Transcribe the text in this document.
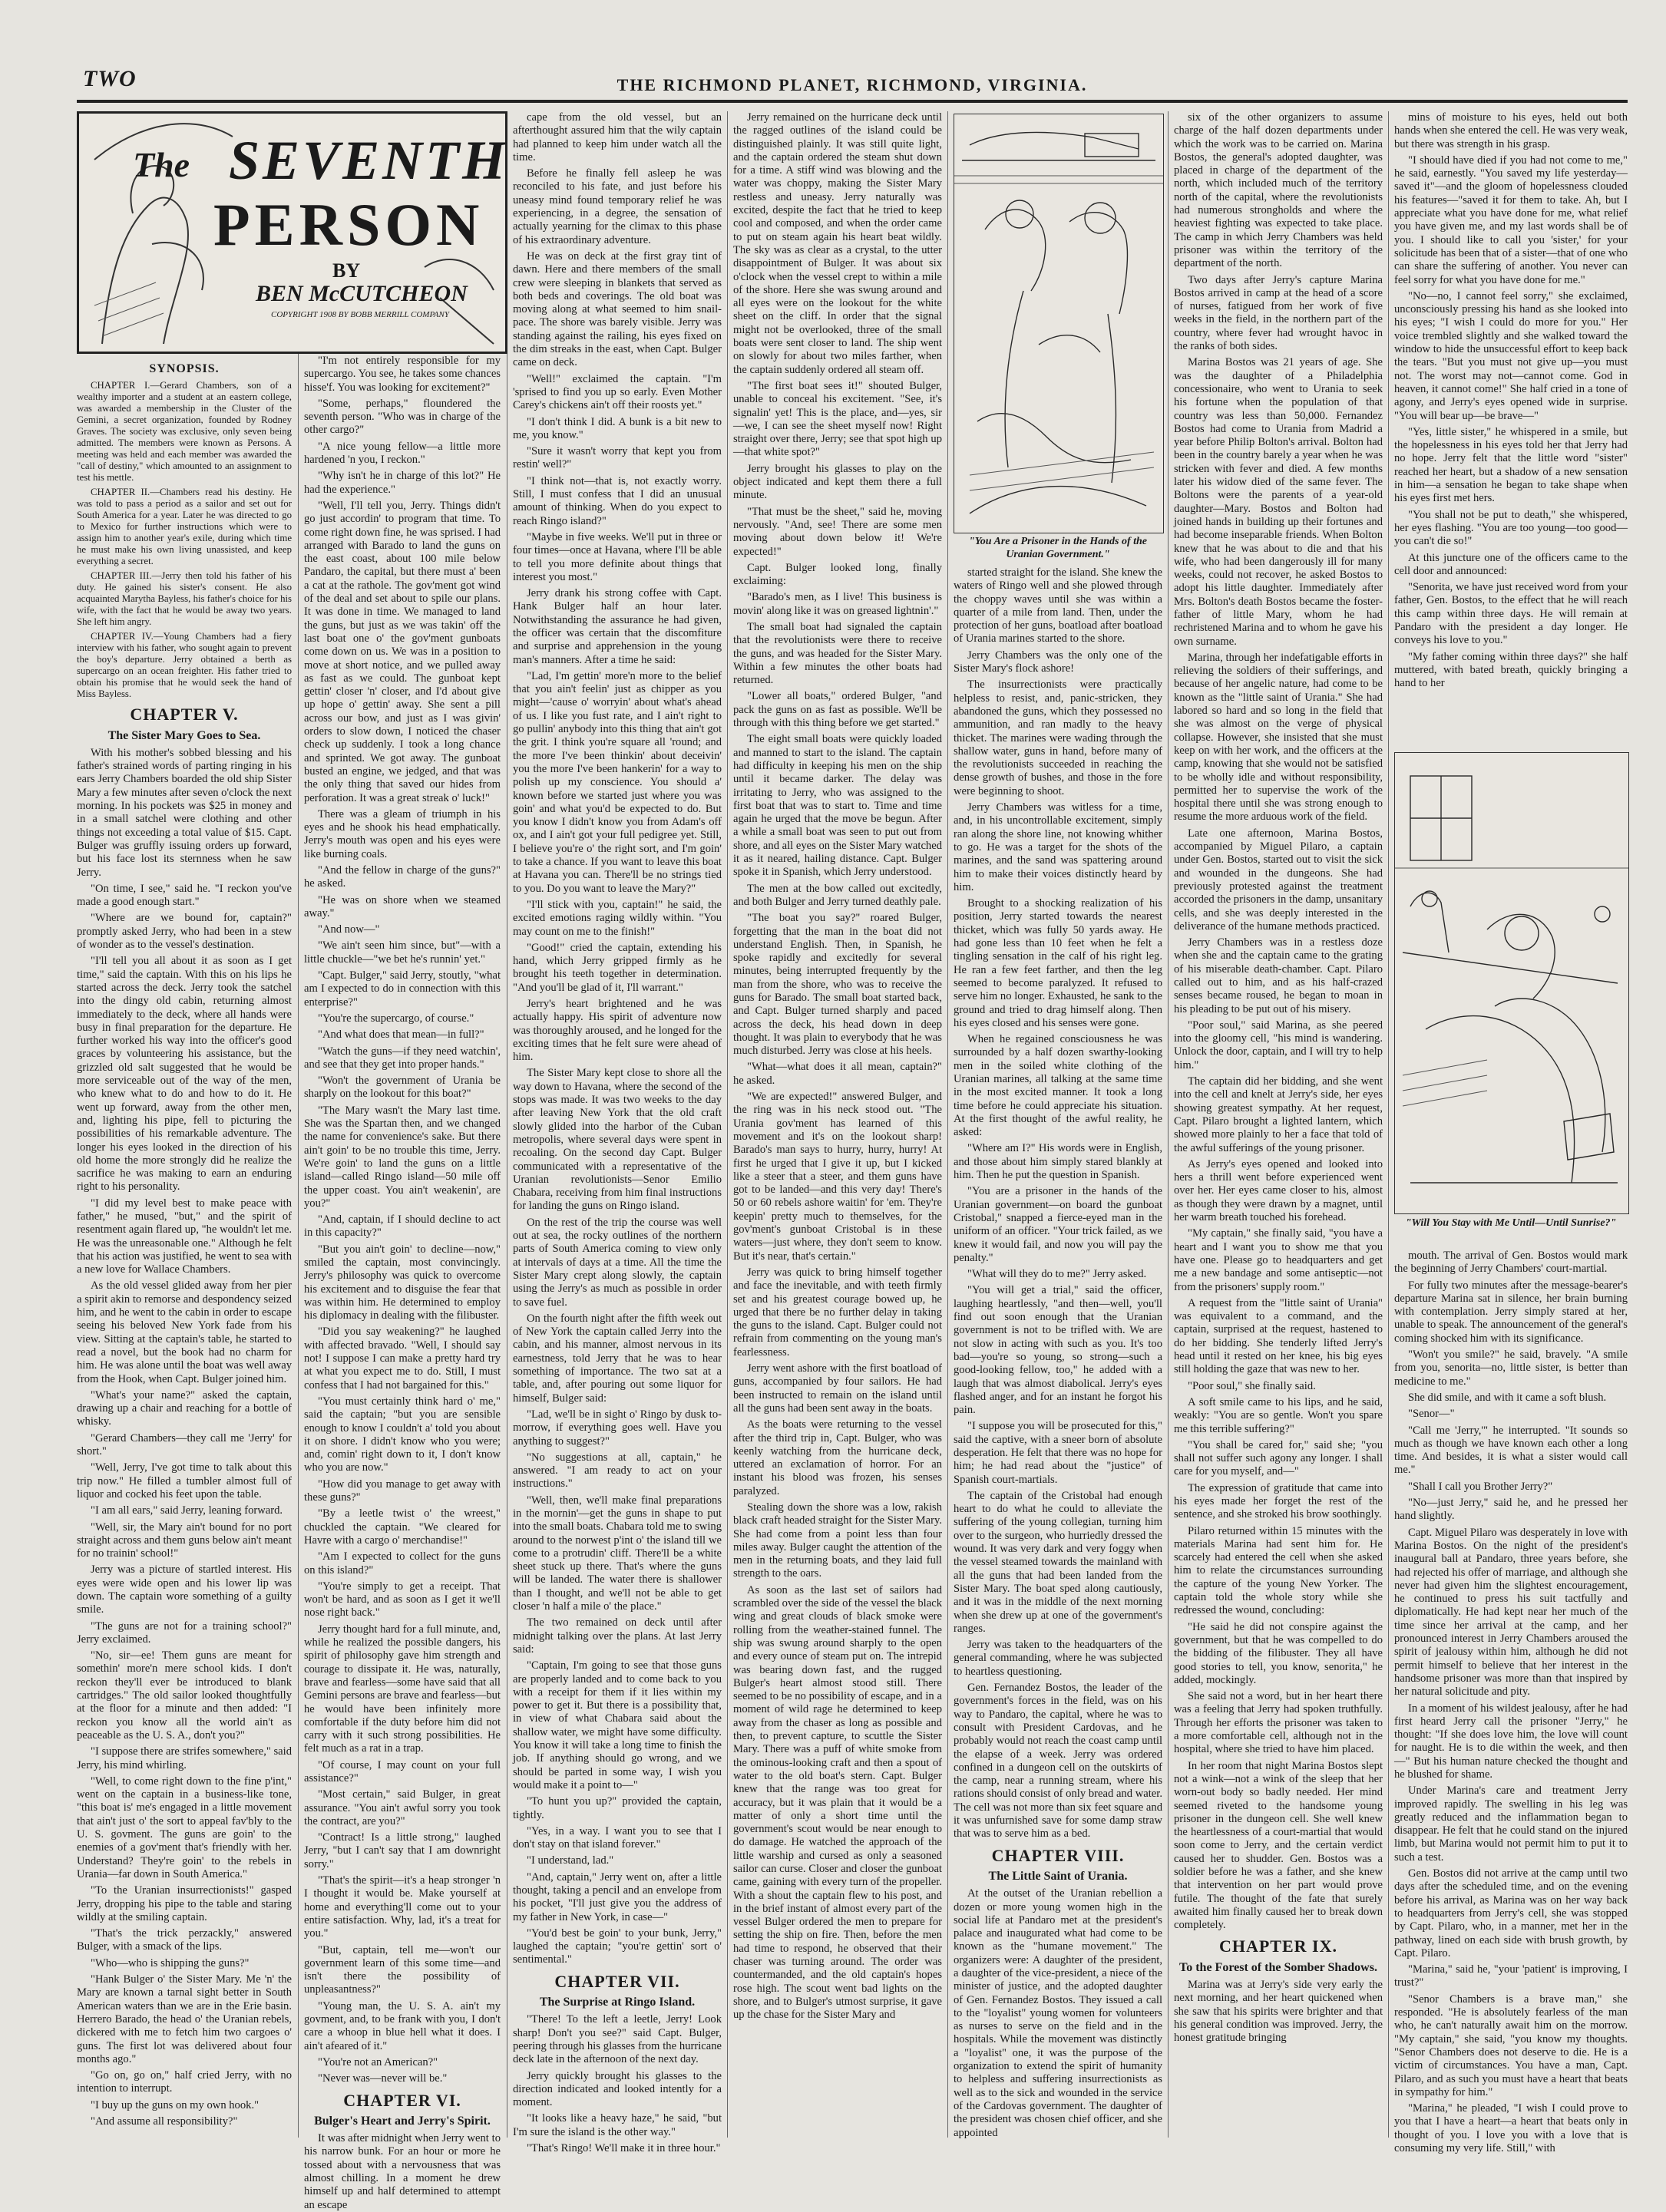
TWO	THE RICHMOND PLANET, RICHMOND, VIRGINIA.
The SEVENTH
PERSON
BY
BEN McCUTCHEON
COPYRIGHT 1908 BY BOBB MERRILL COMPANY
SYNOPSIS.

CHAPTER I.—Gerard Chambers, son of a wealthy importer and a student at an eastern college, was awarded a membership in the Cluster of the Gemini, a secret organization, founded by Rodney Graves. The society was exclusive, only seven being admitted. The members were known as Persons. A meeting was held and each member was awarded the "call of destiny," which amounted to an assignment to test his mettle.

CHAPTER II.—Chambers read his destiny. He was told to pass a period as a sailor and set out for South America for a year. Later he was directed to go to Mexico for further instructions which were to assign him to another year's exile, during which time he must make his own living unassisted, and keep everything a secret.

CHAPTER III.—Jerry then told his father of his duty. He gained his sister's consent. He also acquainted Marytha Bayless, his father's choice for his wife, with the fact that he would be away two years. She left him angry.

CHAPTER IV.—Young Chambers had a fiery interview with his father, who sought again to prevent the boy's departure. Jerry obtained a berth as supercargo on an ocean freighter. His father tried to obtain his promise that he would seek the hand of Miss Bayless.

CHAPTER V.
The Sister Mary Goes to Sea.

With his mother's sobbed blessing and his father's strained words of parting ringing in his ears Jerry Chambers boarded the old ship Sister Mary a few minutes after seven o'clock the next morning. In his pockets was $25 in money and in a small satchel were clothing and other things not exceeding a total value of $15. Capt. Bulger was gruffly issuing orders up forward, but his face lost its sternness when he saw Jerry.

"On time, I see," said he. "I reckon you've made a good enough start."

"Where are we bound for, captain?" promptly asked Jerry, who had been in a stew of wonder as to the vessel's destination.

"I'll tell you all about it as soon as I get time," said the captain. With this on his lips he started across the deck. Jerry took the satchel into the dingy old cabin, returning almost immediately to the deck, where all hands were busy in final preparation for the departure. He further worked his way into the officer's good graces by volunteering his assistance, but the grizzled old salt suggested that he would be more serviceable out of the way of the men, who knew what to do and how to do it. He went up forward, away from the other men, and, lighting his pipe, fell to picturing the possibilities of his remarkable adventure. The longer his eyes looked in the direction of his old home the more strongly did he realize the sacrifice he was making to earn an enduring right to his personality.

"I did my level best to make peace with father," he mused, "but," and the spirit of resentment again flared up, "he wouldn't let me. He was the unreasonable one." Although he felt that his action was justified, he went to sea with a new love for Wallace Chambers.

As the old vessel glided away from her pier a spirit akin to remorse and despondency seized him, and he went to the cabin in order to escape seeing his beloved New York fade from his view. Sitting at the captain's table, he started to read a novel, but the book had no charm for him. He was alone until the boat was well away from the Hook, when Capt. Bulger joined him.

"What's your name?" asked the captain, drawing up a chair and reaching for a bottle of whisky.

"Gerard Chambers—they call me 'Jerry' for short."

"Well, Jerry, I've got time to talk about this trip now." He filled a tumbler almost full of liquor and cocked his feet upon the table.

"I am all ears," said Jerry, leaning forward.

"Well, sir, the Mary ain't bound for no port straight across and them guns below ain't meant for no trainin' school!"

Jerry was a picture of startled interest. His eyes were wide open and his lower lip was down. The captain wore something of a guilty smile.

"The guns are not for a training school?" Jerry exclaimed.

"No, sir—ee! Them guns are meant for somethin' more'n mere school kids. I don't reckon they'll ever be introduced to blank cartridges." The old sailor looked thoughtfully at the floor for a minute and then added: "I reckon you know all the world ain't as peaceable as the U. S. A., don't you?"

"I suppose there are strifes somewhere," said Jerry, his mind whirling.

"Well, to come right down to the fine p'int," went on the captain in a business-like tone, "this boat is' me's engaged in a little movement that ain't just o' the sort to appeal fav'bly to the U. S. govment. The guns are goin' to the enemies of a gov'ment that's friendly with her. Understand? They're goin' to the rebels in Urania—far down in South America."

"To the Uranian insurrectionists!" gasped Jerry, dropping his pipe to the table and staring wildly at the smiling captain.

"That's the trick perzackly," answered Bulger, with a smack of the lips.

"Who—who is shipping the guns?"

"Hank Bulger o' the Sister Mary. Me 'n' the Mary are known a tarnal sight better in South American waters than we are in the Erie basin. Herrero Barado, the head o' the Uranian rebels, dickered with me to fetch him two cargoes o' guns. The first lot was delivered about four months ago."

"Go on, go on," half cried Jerry, with no intention to interrupt.

"I buy up the guns on my own hook."

"And assume all responsibility?"

"I'm not entirely responsible for my supercargo. You see, he takes some chances hisse'f. You was looking for excitement?"

"Some, perhaps," floundered the seventh person. "Who was in charge of the other cargo?"

"A nice young fellow—a little more hardened 'n you, I reckon."

"Why isn't he in charge of this lot?" He had the experience."

"Well, I'll tell you, Jerry. Things didn't go just accordin' to program that time. To come right down fine, he was sprised. I had arranged with Barado to land the guns on the east coast, about 100 mile below Pandaro, the capital, but there must a' been a cat at the rathole. The gov'ment got wind of the deal and set about to spile our plans. It was done in time. We managed to land the guns, but just as we was takin' off the last boat one o' the gov'ment gunboats come down on us. We was in a position to move at short notice, and we pulled away as fast as we could. The gunboat kept gettin' closer 'n' closer, and I'd about give up hope o' gettin' away. She sent a pill across our bow, and just as I was givin' orders to slow down, I noticed the chaser check up suddenly. I took a long chance and sprinted. We got away. The gunboat busted an engine, we jedged, and that was the only thing that saved our hides from perforation. It was a great streak o' luck!"

There was a gleam of triumph in his eyes and he shook his head emphatically. Jerry's mouth was open and his eyes were like burning coals.

"And the fellow in charge of the guns?" he asked.

"He was on shore when we steamed away."

"And now—"

"We ain't seen him since, but"—with a little chuckle—"we bet he's runnin' yet."

"Capt. Bulger," said Jerry, stoutly, "what am I expected to do in connection with this enterprise?"

"You're the supercargo, of course."

"And what does that mean—in full?"

"Watch the guns—if they need watchin', and see that they get into proper hands."

"Won't the government of Urania be sharply on the lookout for this boat?"

"The Mary wasn't the Mary last time. She was the Spartan then, and we changed the name for convenience's sake. But there ain't goin' to be no trouble this time, Jerry. We're goin' to land the guns on a little island—called Ringo island—50 mile off the upper coast. You ain't weakenin', are you?"

"And, captain, if I should decline to act in this capacity?"

"But you ain't goin' to decline—now," smiled the captain, most convincingly. Jerry's philosophy was quick to overcome his excitement and to disguise the fear that was within him. He determined to employ his diplomacy in dealing with the filibuster.

"Did you say weakening?" he laughed with affected bravado. "Well, I should say not! I suppose I can make a pretty hard try at what you expect me to do. Still, I must confess that I had not bargained for this."

"You must certainly think hard o' me," said the captain; "but you are sensible enough to know I couldn't a' told you about it on shore. I didn't know who you were; and, comin' right down to it, I don't know who you are now."

"How did you manage to get away with these guns?"

"By a leetle twist o' the wreest," chuckled the captain. "We cleared for Havre with a cargo o' merchandise!"

"Am I expected to collect for the guns on this island?"

"You're simply to get a receipt. That won't be hard, and as soon as I get it we'll nose right back."

Jerry thought hard for a full minute, and, while he realized the possible dangers, his spirit of philosophy gave him strength and courage to dissipate it. He was, naturally, brave and fearless—some have said that all Gemini persons are brave and fearless—but he would have been infinitely more comfortable if the duty before him did not carry with it such strong possibilities. He felt much as a rat in a trap.

"Of course, I may count on your full assistance?"

"Most certain," said Bulger, in great assurance. "You ain't awful sorry you took the contract, are you?"

"Contract! Is a little strong," laughed Jerry, "but I can't say that I am downright sorry."

"That's the spirit—it's a heap stronger 'n I thought it would be. Make yourself at home and everything'll come out to your entire satisfaction. Why, lad, it's a treat for you."

"But, captain, tell me—won't our government learn of this some time—and isn't there the possibility of unpleasantness?"

"Young man, the U. S. A. ain't my govment, and, to be frank with you, I don't care a whoop in blue hell what it does. I ain't afeared of it."

"You're not an American?"

"Never was—never will be."

CHAPTER VI.
Bulger's Heart and Jerry's Spirit.

It was after midnight when Jerry went to his narrow bunk. For an hour or more he tossed about with a nervousness that was almost chilling. In a moment he drew himself up and half determined to attempt an escape

cape from the old vessel, but an afterthought assured him that the wily captain had planned to keep him under watch all the time.

Before he finally fell asleep he was reconciled to his fate, and just before his uneasy mind found temporary relief he was experiencing, in a degree, the sensation of actually yearning for the climax to this phase of his extraordinary adventure.

He was on deck at the first gray tint of dawn. Here and there members of the small crew were sleeping in blankets that served as both beds and coverings. The old boat was moving along at what seemed to him snail-pace. The shore was barely visible. Jerry was standing against the railing, his eyes fixed on the dim streaks in the east, when Capt. Bulger came on deck.

"Well!" exclaimed the captain. "I'm 'sprised to find you up so early. Even Mother Carey's chickens ain't off their roosts yet."

"I don't think I did. A bunk is a bit new to me, you know."

"Sure it wasn't worry that kept you from restin' well?"

"I think not—that is, not exactly worry. Still, I must confess that I did an unusual amount of thinking. When do you expect to reach Ringo island?"

"Maybe in five weeks. We'll put in three or four times—once at Havana, where I'll be able to tell you more definite about things that interest you most."

Jerry drank his strong coffee with Capt. Hank Bulger half an hour later. Notwithstanding the assurance he had given, the officer was certain that the discomfiture and surprise and apprehension in the young man's manners. After a time he said:

"Lad, I'm gettin' more'n more to the belief that you ain't feelin' just as chipper as you might—'cause o' worryin' about what's ahead of us. I like you fust rate, and I ain't right to go pullin' anybody into this thing that ain't got the grit. I think you're square all 'round; and the more I've been thinkin' about deceivin' you the more I've been hankerin' for a way to polish up my conscience. You should a' known before we started just where you was goin' and what you'd be expected to do. But you know I didn't know you from Adam's off ox, and I ain't got your full pedigree yet. Still, I believe you're o' the right sort, and I'm goin' to take a chance. If you want to leave this boat at Havana you can. There'll be no strings tied to you. Do you want to leave the Mary?"

"I'll stick with you, captain!" he said, the excited emotions raging wildly within. "You may count on me to the finish!"

"Good!" cried the captain, extending his hand, which Jerry gripped firmly as he brought his teeth together in determination. "And you'll be glad of it, I'll warrant."

Jerry's heart brightened and he was actually happy. His spirit of adventure now was thoroughly aroused, and he longed for the exciting times that he felt sure were ahead of him.

The Sister Mary kept close to shore all the way down to Havana, where the second of the stops was made. It was two weeks to the day after leaving New York that the old craft slowly glided into the harbor of the Cuban metropolis, where several days were spent in recoaling. On the second day Capt. Bulger communicated with a representative of the Uranian revolutionists—Senor Emilio Chabara, receiving from him final instructions for landing the guns on Ringo island.

On the rest of the trip the course was well out at sea, the rocky outlines of the northern parts of South America coming to view only at intervals of days at a time. All the time the Sister Mary crept along slowly, the captain using the Jerry's as much as possible in order to save fuel.

On the fourth night after the fifth week out of New York the captain called Jerry into the cabin, and his manner, almost nervous in its earnestness, told Jerry that he was to hear something of importance. The two sat at a table, and, after pouring out some liquor for himself, Bulger said:

"Lad, we'll be in sight o' Ringo by dusk to-morrow, if everything goes well. Have you anything to suggest?"

"No suggestions at all, captain," he answered. "I am ready to act on your instructions."

"Well, then, we'll make final preparations in the mornin'—get the guns in shape to put into the small boats. Chabara told me to swing around to the norwest p'int o' the island till we come to a protrudin' cliff. There'll be a white sheet stuck up there. That's where the guns will be landed. The water there is shallower than I thought, and we'll not be able to get closer 'n half a mile o' the place."

The two remained on deck until after midnight talking over the plans. At last Jerry said:

"Captain, I'm going to see that those guns are properly landed and to come back to you with a receipt for them if it lies within my power to get it. But there is a possibility that, in view of what Chabara said about the shallow water, we might have some difficulty. You know it will take a long time to finish the job. If anything should go wrong, and we should be parted in some way, I wish you would make it a point to—"

"To hunt you up?" provided the captain, tightly.

"Yes, in a way. I want you to see that I don't stay on that island forever."

"I understand, lad."

"And, captain," Jerry went on, after a little thought, taking a pencil and an envelope from his pocket, "I'll just give you the address of my father in New York, in case—"

"You'd best be goin' to your bunk, Jerry," laughed the captain; "you're gettin' sort o' sentimental."

CHAPTER VII.
The Surprise at Ringo Island.

"There! To the left a leetle, Jerry! Look sharp! Don't you see?" said Capt. Bulger, peering through his glasses from the hurricane deck late in the afternoon of the next day.

Jerry quickly brought his glasses to the direction indicated and looked intently for a moment.

"It looks like a heavy haze," he said, "but I'm sure the island is the other way."

"That's Ringo! We'll make it in three hour."

Jerry remained on the hurricane deck until the ragged outlines of the island could be distinguished plainly. It was still quite light, and the captain ordered the steam shut down for a time. A stiff wind was blowing and the water was choppy, making the Sister Mary restless and uneasy. Jerry naturally was excited, despite the fact that he tried to keep cool and composed, and when the order came to put on steam again his heart beat wildly. The sky was as clear as a crystal, to the utter disappointment of Bulger. It was about six o'clock when the vessel crept to within a mile of the shore. Here she was swung around and all eyes were on the lookout for the white sheet on the cliff. In order that the signal might not be overlooked, three of the small boats were sent closer to land. The ship went on slowly for about two miles farther, when the captain suddenly ordered all steam off.

"The first boat sees it!" shouted Bulger, unable to conceal his excitement. "See, it's signalin' yet! This is the place, and—yes, sir—we, I can see the sheet myself now! Right straight over there, Jerry; see that spot high up—that white spot?"

Jerry brought his glasses to play on the object indicated and kept them there a full minute.

"That must be the sheet," said he, moving nervously. "And, see! There are some men moving about down below it! We're expected!"

Capt. Bulger looked long, finally exclaiming:

"Barado's men, as I live! This business is movin' along like it was on greased lightnin'."

The small boat had signaled the captain that the revolutionists were there to receive the guns, and was headed for the Sister Mary. Within a few minutes the other boats had returned.

"Lower all boats," ordered Bulger, "and pack the guns on as fast as possible. We'll be through with this thing before we get started."

The eight small boats were quickly loaded and manned to start to the island. The captain had difficulty in keeping his men on the ship until it became darker. The delay was irritating to Jerry, who was assigned to the first boat that was to start to. Time and time again he urged that the move be begun. After a while a small boat was seen to put out from shore, and all eyes on the Sister Mary watched it as it neared, hailing distance. Capt. Bulger spoke it in Spanish, which Jerry understood.

The men at the bow called out excitedly, and both Bulger and Jerry turned deathly pale.

"The boat you say?" roared Bulger, forgetting that the man in the boat did not understand English. Then, in Spanish, he spoke rapidly and excitedly for several minutes, being interrupted frequently by the man from the shore, who was to receive the guns for Barado. The small boat started back, and Capt. Bulger turned sharply and paced across the deck, his head down in deep thought. It was plain to everybody that he was much disturbed. Jerry was close at his heels.

"What—what does it all mean, captain?" he asked.

"We are expected!" answered Bulger, and the ring was in his neck stood out. "The Urania gov'ment has learned of this movement and it's on the lookout sharp! Barado's man says to hurry, hurry, hurry! At first he urged that I give it up, but I kicked like a steer that a steer, and them guns have got to be landed—and this very day! There's 50 or 60 rebels ashore waitin' for 'em. They're keepin' pretty much to themselves, for the gov'ment's gunboat Cristobal is in these waters—just where, they don't seem to know. But it's near, that's certain."

Jerry was quick to bring himself together and face the inevitable, and with teeth firmly set and his greatest courage bowed up, he urged that there be no further delay in taking the guns to the island. Capt. Bulger could not refrain from commenting on the young man's fearlessness.

Jerry went ashore with the first boatload of guns, accompanied by four sailors. He had been instructed to remain on the island until all the guns had been sent away in the boats.

As the boats were returning to the vessel after the third trip in, Capt. Bulger, who was keenly watching from the hurricane deck, uttered an exclamation of horror. For an instant his blood was frozen, his senses paralyzed.

Stealing down the shore was a low, rakish black craft headed straight for the Sister Mary. She had come from a point less than four miles away. Bulger caught the attention of the men in the returning boats, and they laid full strength to the oars.

As soon as the last set of sailors had scrambled over the side of the vessel the black wing and great clouds of black smoke were rolling from the weather-stained funnel. The ship was swung around sharply to the open and every ounce of steam put on. The intrepid was bearing down fast, and the rugged Bulger's heart almost stood still. There seemed to be no possibility of escape, and in a moment of wild rage he determined to keep away from the chaser as long as possible and then, to prevent capture, to scuttle the Sister Mary. There was a puff of white smoke from the ominous-looking craft and then a spout of water to the old boat's stern. Capt. Bulger knew that the range was too great for accuracy, but it was plain that it would be a matter of only a short time until the government's scout would be near enough to do damage. He watched the approach of the little warship and cursed as only a seasoned sailor can curse. Closer and closer the gunboat came, gaining with every turn of the propeller. With a shout the captain flew to his post, and in the brief instant of almost every part of the vessel Bulger ordered the men to prepare for setting the ship on fire. Then, before the men had time to respond, he observed that their chaser was turning around. The order was countermanded, and the old captain's hopes rose high. The scout went bad lights on the shore, and to Bulger's utmost surprise, it gave up the chase for the Sister Mary and

"You Are a Prisoner in the Hands of the Uranian Government."

started straight for the island. She knew the waters of Ringo well and she plowed through the choppy waves until she was within a quarter of a mile from land. Then, under the protection of her guns, boatload after boatload of Urania marines started to the shore.

Jerry Chambers was the only one of the Sister Mary's flock ashore!

The insurrectionists were practically helpless to resist, and, panic-stricken, they abandoned the guns, which they possessed no ammunition, and ran madly to the heavy thicket. The marines were wading through the shallow water, guns in hand, before many of the revolutionists succeeded in reaching the dense growth of bushes, and those in the fore were beginning to shoot.

Jerry Chambers was witless for a time, and, in his uncontrollable excitement, simply ran along the shore line, not knowing whither to go. He was a target for the shots of the marines, and the sand was spattering around him to make their voices distinctly heard by him.

Brought to a shocking realization of his position, Jerry started towards the nearest thicket, which was fully 50 yards away. He had gone less than 10 feet when he felt a tingling sensation in the calf of his right leg. He ran a few feet farther, and then the leg seemed to become paralyzed. It refused to serve him no longer. Exhausted, he sank to the ground and tried to drag himself along. Then his eyes closed and his senses were gone.

When he regained consciousness he was surrounded by a half dozen swarthy-looking men in the soiled white clothing of the Uranian marines, all talking at the same time in the most excited manner. It took a long time before he could appreciate his situation. At the first thought of the awful reality, he asked:

"Where am I?" His words were in English, and those about him simply stared blankly at him. Then he put the question in Spanish.

"You are a prisoner in the hands of the Uranian government—on board the gunboat Cristobal," snapped a fierce-eyed man in the uniform of an officer. "Your trick failed, as we knew it would fail, and now you will pay the penalty."

"What will they do to me?" Jerry asked.

"You will get a trial," said the officer, laughing heartlessly, "and then—well, you'll find out soon enough that the Uranian government is not to be trifled with. We are not slow in acting with such as you. It's too bad—you're so young, so strong—such a good-looking fellow, too," he added with a laugh that was almost diabolical. Jerry's eyes flashed anger, and for an instant he forgot his pain.

"I suppose you will be prosecuted for this," said the captive, with a sneer born of absolute desperation. He felt that there was no hope for him; he had read about the "justice" of Spanish court-martials.

The captain of the Cristobal had enough heart to do what he could to alleviate the suffering of the young collegian, turning him over to the surgeon, who hurriedly dressed the wound. It was very dark and very foggy when the vessel steamed towards the mainland with all the guns that had been landed from the Sister Mary. The boat sped along cautiously, and it was in the middle of the next morning when she drew up at one of the government's ranges.

Jerry was taken to the headquarters of the general commanding, where he was subjected to heartless questioning.

Gen. Fernandez Bostos, the leader of the government's forces in the field, was on his way to Pandaro, the capital, where he was to consult with President Cardovas, and he probably would not reach the coast camp until the elapse of a week. Jerry was ordered confined in a dungeon cell on the outskirts of the camp, near a running stream, where his rations should consist of only bread and water. The cell was not more than six feet square and it was unfurnished save for some damp straw that was to serve him as a bed.

CHAPTER VIII.
The Little Saint of Urania.

At the outset of the Uranian rebellion a dozen or more young women high in the social life at Pandaro met at the president's palace and inaugurated what had come to be known as the "humane movement." The organizers were: A daughter of the president, a daughter of the vice-president, a niece of the minister of justice, and the adopted daughter of Gen. Fernandez Bostos. They issued a call to the "loyalist" young women for volunteers as nurses to serve on the field and in the hospitals. While the movement was distinctly a "loyalist" one, it was the purpose of the organization to extend the spirit of humanity to helpless and suffering insurrectionists as well as to the sick and wounded in the service of the Cardovas government. The daughter of the president was chosen chief officer, and she appointed

six of the other organizers to assume charge of the half dozen departments under which the work was to be carried on. Marina Bostos, the general's adopted daughter, was placed in charge of the department of the north, which included much of the territory north of the capital, where the revolutionists had numerous strongholds and where the heaviest fighting was expected to take place. The camp in which Jerry Chambers was held prisoner was within the territory of the department of the north.

Two days after Jerry's capture Marina Bostos arrived in camp at the head of a score of nurses, fatigued from her work of five weeks in the field, in the northern part of the country, where fever had wrought havoc in the ranks of both sides.

Marina Bostos was 21 years of age. She was the daughter of a Philadelphia concessionaire, who went to Urania to seek his fortune when the population of that country was less than 50,000. Fernandez Bostos had come to Urania from Madrid a year before Philip Bolton's arrival. Bolton had been in the country barely a year when he was stricken with fever and died. A few months later his widow died of the same fever. The Boltons were the parents of a year-old daughter—Mary. Bostos and Bolton had joined hands in building up their fortunes and had become inseparable friends. When Bolton knew that he was about to die and that his wife, who had been dangerously ill for many weeks, could not recover, he asked Bostos to adopt his little daughter. Immediately after Mrs. Bolton's death Bostos became the foster-father of little Mary, whom he had rechristened Marina and to whom he gave his own surname.

Marina, through her indefatigable efforts in relieving the soldiers of their sufferings, and because of her angelic nature, had come to be known as the "little saint of Urania." She had labored so hard and so long in the field that she was almost on the verge of physical collapse. However, she insisted that she must keep on with her work, and the officers at the camp, knowing that she would not be satisfied to be wholly idle and without responsibility, permitted her to supervise the work of the hospital there until she was strong enough to resume the more arduous work of the field.

Late one afternoon, Marina Bostos, accompanied by Miguel Pilaro, a captain under Gen. Bostos, started out to visit the sick and wounded in the dungeons. She had previously protested against the treatment accorded the prisoners in the damp, unsanitary cells, and she was deeply interested in the deliverance of the humane methods practiced.

Jerry Chambers was in a restless doze when she and the captain came to the grating of his miserable death-chamber. Capt. Pilaro called out to him, and as his half-crazed senses became roused, he began to moan in his pleading to be put out of his misery.

"Poor soul," said Marina, as she peered into the gloomy cell, "his mind is wandering. Unlock the door, captain, and I will try to help him."

The captain did her bidding, and she went into the cell and knelt at Jerry's side, her eyes showing greatest sympathy. At her request, Capt. Pilaro brought a lighted lantern, which showed more plainly to her a face that told of the awful sufferings of the young prisoner.

As Jerry's eyes opened and looked into hers a thrill went before experienced went over her. Her eyes came closer to his, almost as though they were drawn by a magnet, until her warm breath touched his forehead.

"My captain," she finally said, "you have a heart and I want you to show me that you have one. Please go to headquarters and get me a new bandage and some antiseptic—not from the prisoners' supply room."

A request from the "little saint of Urania" was equivalent to a command, and the captain, surprised at the request, hastened to do her bidding. She tenderly lifted Jerry's head until it rested on her knee, his big eyes still holding the gaze that was new to her.

"Poor soul," she finally said.

A soft smile came to his lips, and he said, weakly: "You are so gentle. Won't you spare me this terrible suffering?"

"You shall be cared for," said she; "you shall not suffer such agony any longer. I shall care for you myself, and—"

The expression of gratitude that came into his eyes made her forget the rest of the sentence, and she stroked his brow soothingly.

Pilaro returned within 15 minutes with the materials Marina had sent him for. He scarcely had entered the cell when she asked him to relate the circumstances surrounding the capture of the young New Yorker. The captain told the whole story while she redressed the wound, concluding:

"He said he did not conspire against the government, but that he was compelled to do the bidding of the filibuster. They all have good stories to tell, you know, senorita," he added, mockingly.

She said not a word, but in her heart there was a feeling that Jerry had spoken truthfully. Through her efforts the prisoner was taken to a more comfortable cell, although not in the hospital, where she tried to have him placed.

In her room that night Marina Bostos slept not a wink—not a wink of the sleep that her worn-out body so badly needed. Her mind seemed riveted to the handsome young prisoner in the dungeon cell. She well knew the heartlessness of a court-martial that would soon come to Jerry, and the certain verdict caused her to shudder. Gen. Bostos was a soldier before he was a father, and she knew that intervention on her part would prove futile. The thought of the fate that surely awaited him finally caused her to break down completely.

CHAPTER IX.
To the Forest of the Somber Shadows.

Marina was at Jerry's side very early the next morning, and her heart quickened when she saw that his spirits were brighter and that his general condition was improved. Jerry, the honest gratitude bringing

mins of moisture to his eyes, held out both hands when she entered the cell. He was very weak, but there was strength in his grasp.

"I should have died if you had not come to me," he said, earnestly. "You saved my life yesterday—saved it"—and the gloom of hopelessness clouded his features—"saved it for them to take. Ah, but I appreciate what you have done for me, what relief you have given me, and my last words shall be of you. I should like to call you 'sister,' for your solicitude has been that of a sister—that of one who can share the suffering of another. You never can feel sorry for what you have done for me."

"No—no, I cannot feel sorry," she exclaimed, unconsciously pressing his hand as she looked into his eyes; "I wish I could do more for you." Her voice trembled slightly and she walked toward the window to hide the unsuccessful effort to keep back the tears. "But you must not give up—you must not. The worst may not—cannot come. God in heaven, it cannot come!" She half cried in a tone of agony, and Jerry's eyes opened wide in surprise. "You will bear up—be brave—"

"Yes, little sister," he whispered in a smile, but the hopelessness in his eyes told her that Jerry had no hope. Jerry felt that the little word "sister" reached her heart, but a shadow of a new sensation in him—a sensation he began to take shape when his eyes first met hers.

"You shall not be put to death," she whispered, her eyes flashing. "You are too young—too good—you can't die so!"

At this juncture one of the officers came to the cell door and announced:

"Senorita, we have just received word from your father, Gen. Bostos, to the effect that he will reach this camp within three days. He will remain at Pandaro with the president a day longer. He conveys his love to you."

"My father coming within three days?" she half muttered, with bated breath, quickly bringing a hand to her

"Will You Stay with Me Until—Until Sunrise?"

mouth. The arrival of Gen. Bostos would mark the beginning of Jerry Chambers' court-martial.

For fully two minutes after the message-bearer's departure Marina sat in silence, her brain burning with contemplation. Jerry simply stared at her, unable to speak. The announcement of the general's coming shocked him with its significance.

"Won't you smile?" he said, bravely. "A smile from you, senorita—no, little sister, is better than medicine to me."

She did smile, and with it came a soft blush.

"Senor—"

"Call me 'Jerry,'" he interrupted. "It sounds so much as though we have known each other a long time. And besides, it is what a sister would call me."

"Shall I call you Brother Jerry?"

"No—just Jerry," said he, and he pressed her hand slightly.

Capt. Miguel Pilaro was desperately in love with Marina Bostos. On the night of the president's inaugural ball at Pandaro, three years before, she had rejected his offer of marriage, and although she never had given him the slightest encouragement, he continued to press his suit tactfully and diplomatically. He had kept near her much of the time since her arrival at the camp, and her pronounced interest in Jerry Chambers aroused the spirit of jealousy within him, although he did not permit himself to believe that her interest in the handsome prisoner was more than that inspired by her natural solicitude and pity.

In a moment of his wildest jealousy, after he had first heard Jerry call the prisoner "Jerry," he thought: "If she does love him, the love will count for naught. He is to die within the week, and then—" But his human nature checked the thought and he blushed for shame.

Under Marina's care and treatment Jerry improved rapidly. The swelling in his leg was greatly reduced and the inflammation began to disappear. He felt that he could stand on the injured limb, but Marina would not permit him to put it to such a test.

Gen. Bostos did not arrive at the camp until two days after the scheduled time, and on the evening before his arrival, as Marina was on her way back to headquarters from Jerry's cell, she was stopped by Capt. Pilaro, who, in a manner, met her in the pathway, lined on each side with brush growth, by Capt. Pilaro.

"Marina," said he, "your 'patient' is improving, I trust?"

"Senor Chambers is a brave man," she responded. "He is absolutely fearless of the man who, he can't naturally await him on the morrow. "My captain," she said, "you know my thoughts. "Senor Chambers does not deserve to die. He is a victim of circumstances. You have a man, Capt. Pilaro, and as such you must have a heart that beats in sympathy for him."

"Marina," he pleaded, "I wish I could prove to you that I have a heart—a heart that beats only in thought of you. I love you with a love that is consuming my very life. Still," with
